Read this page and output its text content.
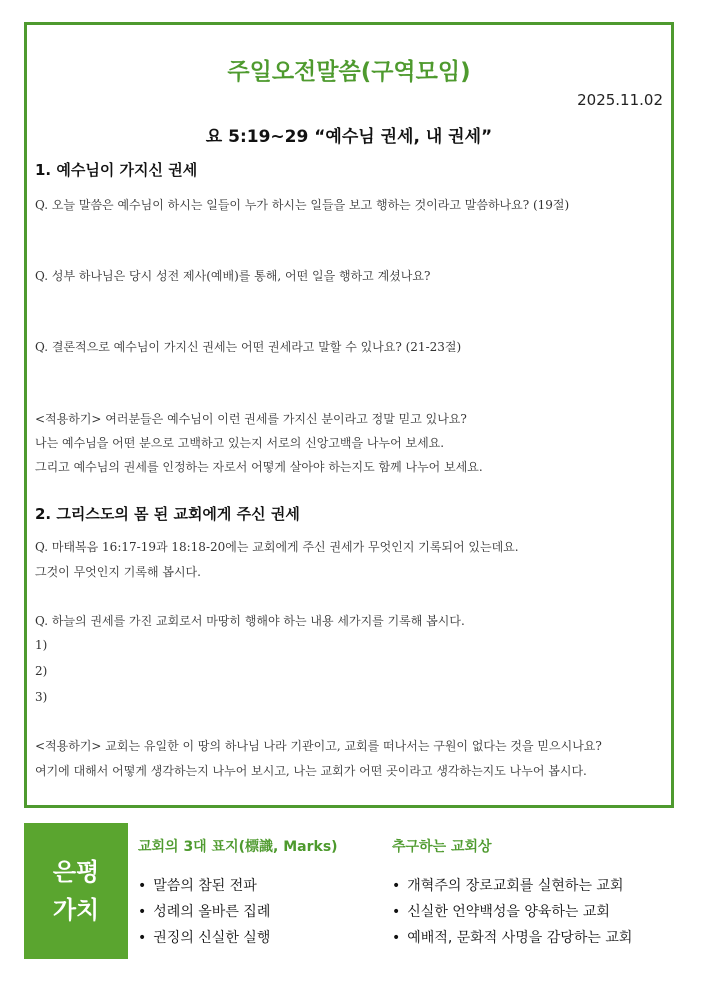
주일오전말씀(구역모임)
2025.11.02
요 5:19~29 “예수님 권세, 내 권세”
1. 예수님이 가지신 권세
Q. 오늘 말씀은 예수님이 하시는 일들이 누가 하시는 일들을 보고 행하는 것이라고 말씀하나요? (19절)
Q. 성부 하나님은 당시 성전 제사(예배)를 통해, 어떤 일을 행하고 계셨나요?
Q. 결론적으로 예수님이 가지신 권세는 어떤 권세라고 말할 수 있나요? (21-23절)
<적용하기> 여러분들은 예수님이 이런 권세를 가지신 분이라고 정말 믿고 있나요?
나는 예수님을 어떤 분으로 고백하고 있는지 서로의 신앙고백을 나누어 보세요.
그리고 예수님의 권세를 인정하는 자로서 어떻게 살아야 하는지도 함께 나누어 보세요.
2. 그리스도의 몸 된 교회에게 주신 권세
Q. 마태복음 16:17-19과 18:18-20에는 교회에게 주신 권세가 무엇인지 기록되어 있는데요.
그것이 무엇인지 기록해 봅시다.
Q. 하늘의 권세를 가진 교회로서 마땅히 행해야 하는 내용 세가지를 기록해 봅시다.
1)
2)
3)
<적용하기> 교회는 유일한 이 땅의 하나님 나라 기관이고, 교회를 떠나서는 구원이 없다는 것을 믿으시나요?
여기에 대해서 어떻게 생각하는지 나누어 보시고, 나는 교회가 어떤 곳이라고 생각하는지도 나누어 봅시다.
은평
가치
교회의 3대 표지(標識, Marks)
• 말씀의 참된 전파
• 성례의 올바른 집례
• 권징의 신실한 실행
추구하는 교회상
• 개혁주의 장로교회를 실현하는 교회
• 신실한 언약백성을 양육하는 교회
• 예배적, 문화적 사명을 감당하는 교회
